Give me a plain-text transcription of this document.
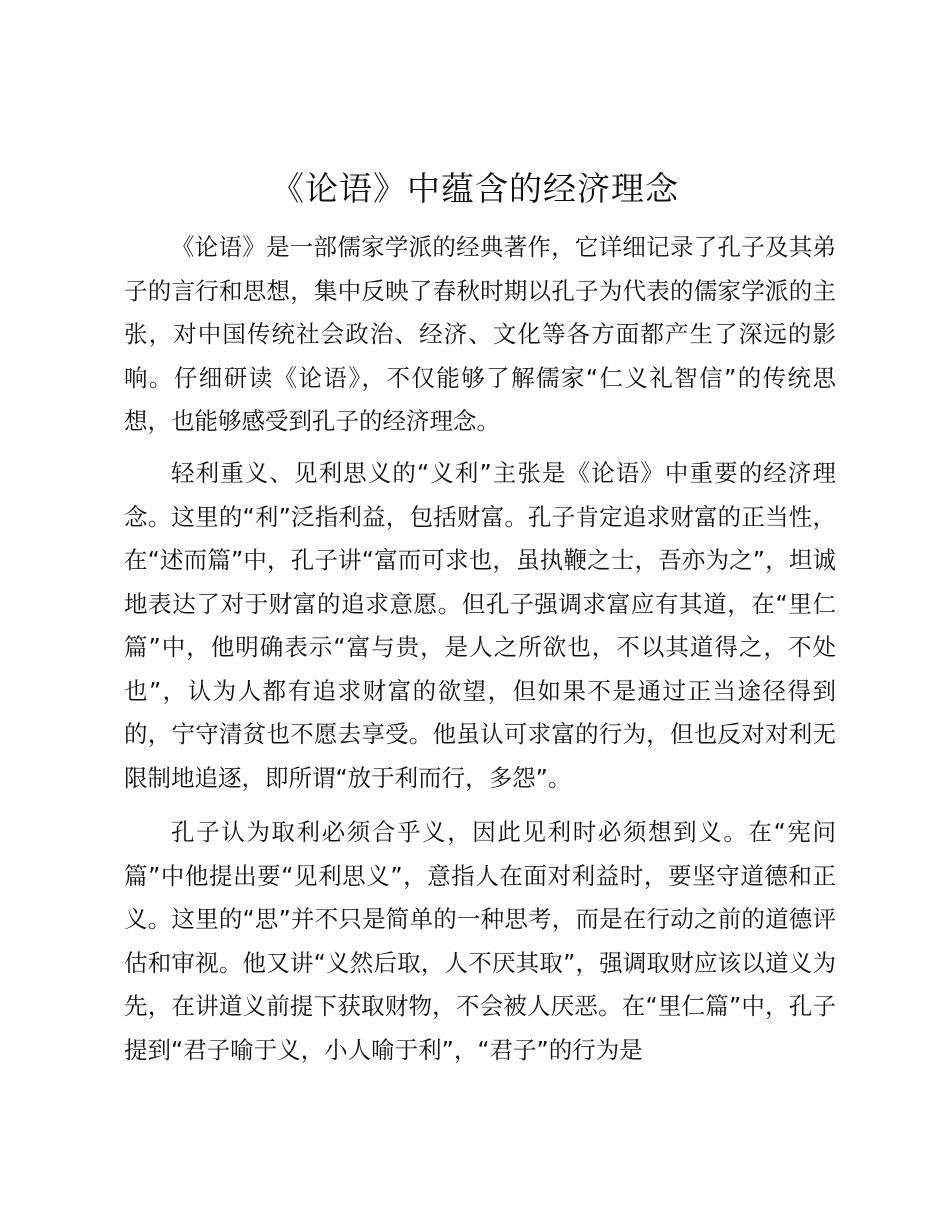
《论语》中蕴含的经济理念

《论语》是一部儒家学派的经典著作，它详细记录了孔子及其弟子的言行和思想，集中反映了春秋时期以孔子为代表的儒家学派的主张，对中国传统社会政治、经济、文化等各方面都产生了深远的影响。仔细研读《论语》，不仅能够了解儒家“仁义礼智信”的传统思想，也能够感受到孔子的经济理念。

轻利重义、见利思义的“义利”主张是《论语》中重要的经济理念。这里的“利”泛指利益，包括财富。孔子肯定追求财富的正当性，在“述而篇”中，孔子讲“富而可求也，虽执鞭之士，吾亦为之”，坦诚地表达了对于财富的追求意愿。但孔子强调求富应有其道，在“里仁篇”中，他明确表示“富与贵，是人之所欲也，不以其道得之，不处也”，认为人都有追求财富的欲望，但如果不是通过正当途径得到的，宁守清贫也不愿去享受。他虽认可求富的行为，但也反对对利无限制地追逐，即所谓“放于利而行，多怨”。

孔子认为取利必须合乎义，因此见利时必须想到义。在“宪问篇”中他提出要“见利思义”，意指人在面对利益时，要坚守道德和正义。这里的“思”并不只是简单的一种思考，而是在行动之前的道德评估和审视。他又讲“义然后取，人不厌其取”，强调取财应该以道义为先，在讲道义前提下获取财物，不会被人厌恶。在“里仁篇”中，孔子提到“君子喻于义，小人喻于利”，“君子”的行为是
